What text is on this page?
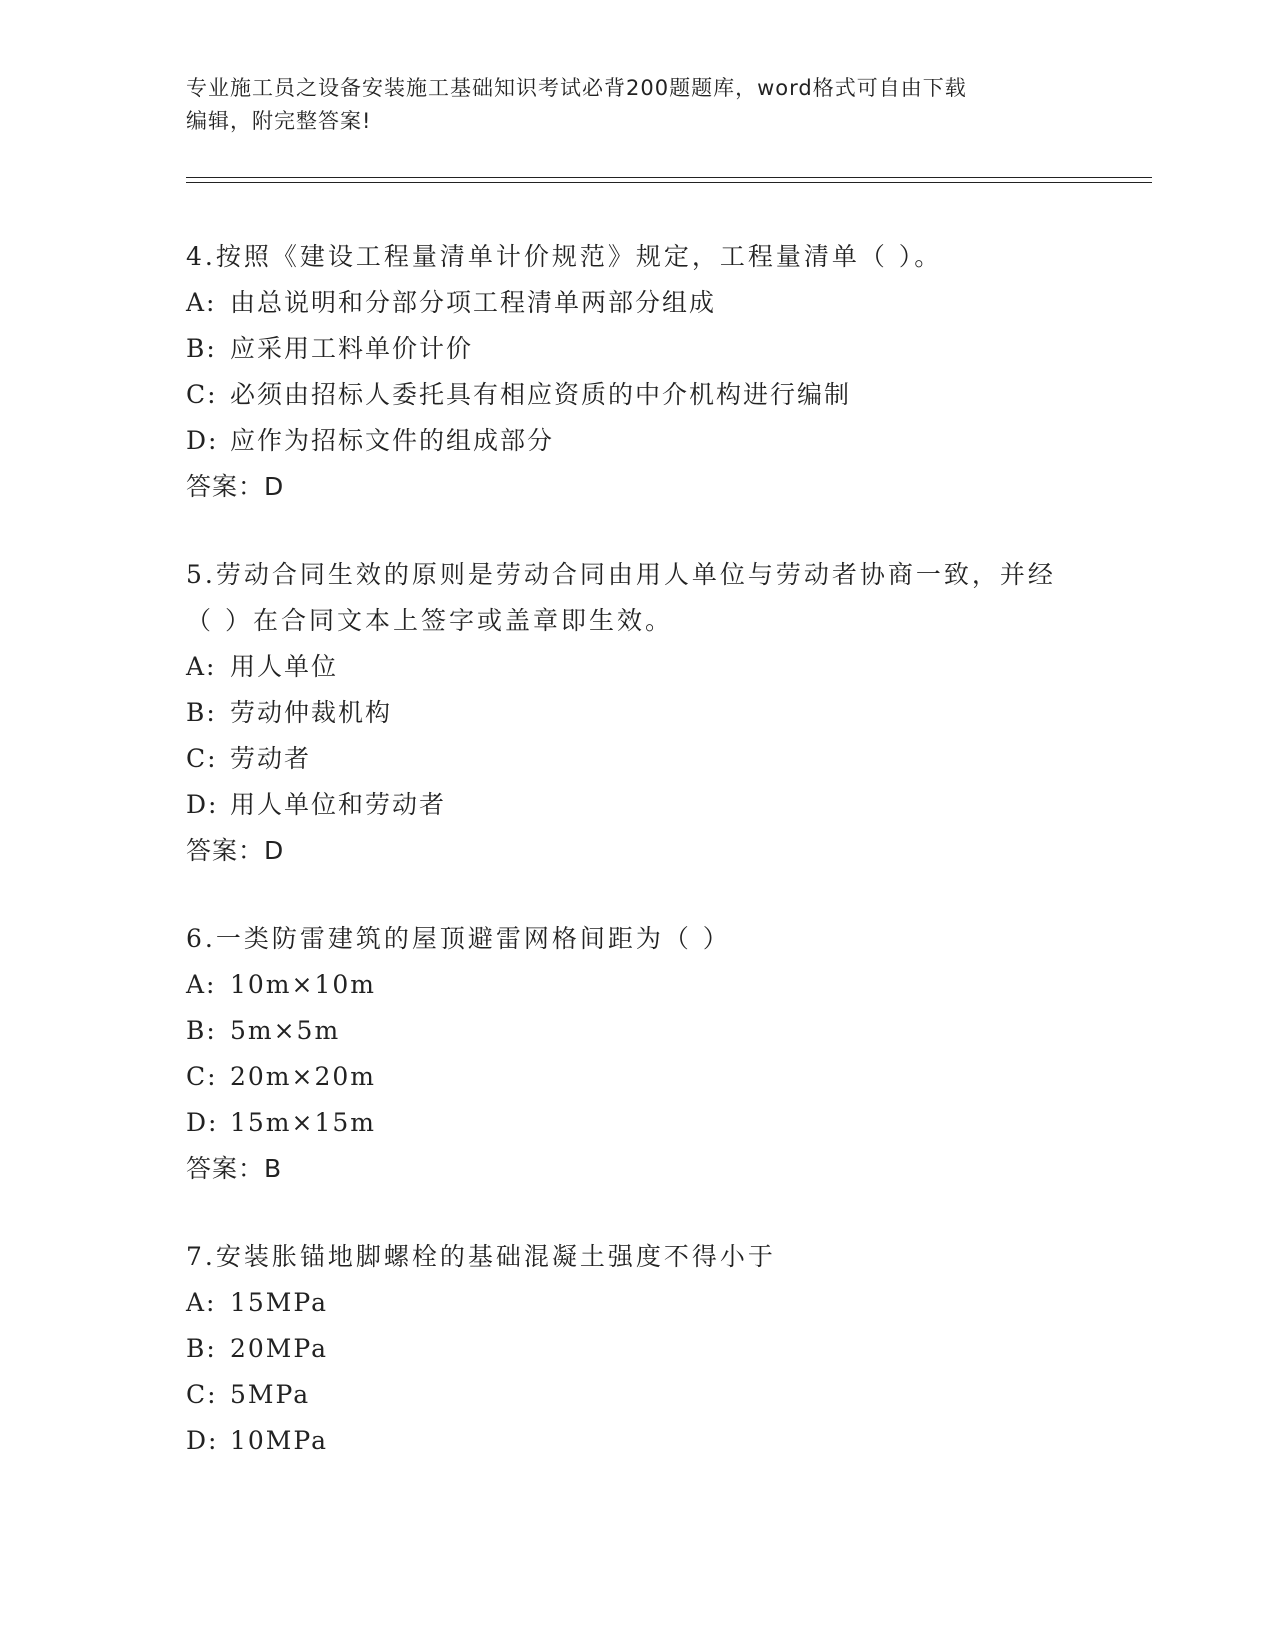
专业施工员之设备安装施工基础知识考试必背200题题库，word格式可自由下载
编辑，附完整答案!
4.按照《建设工程量清单计价规范》规定，工程量清单（ ）。
A: 由总说明和分部分项工程清单两部分组成
B: 应采用工料单价计价
C: 必须由招标人委托具有相应资质的中介机构进行编制
D: 应作为招标文件的组成部分
答案：D
5.劳动合同生效的原则是劳动合同由用人单位与劳动者协商一致，并经（ ）在合同文本上签字或盖章即生效。
A: 用人单位
B: 劳动仲裁机构
C: 劳动者
D: 用人单位和劳动者
答案：D
6.一类防雷建筑的屋顶避雷网格间距为（ ）
A: 10m×10m
B: 5m×5m
C: 20m×20m
D: 15m×15m
答案：B
7.安装胀锚地脚螺栓的基础混凝土强度不得小于
A: 15MPa
B: 20MPa
C: 5MPa
D: 10MPa
